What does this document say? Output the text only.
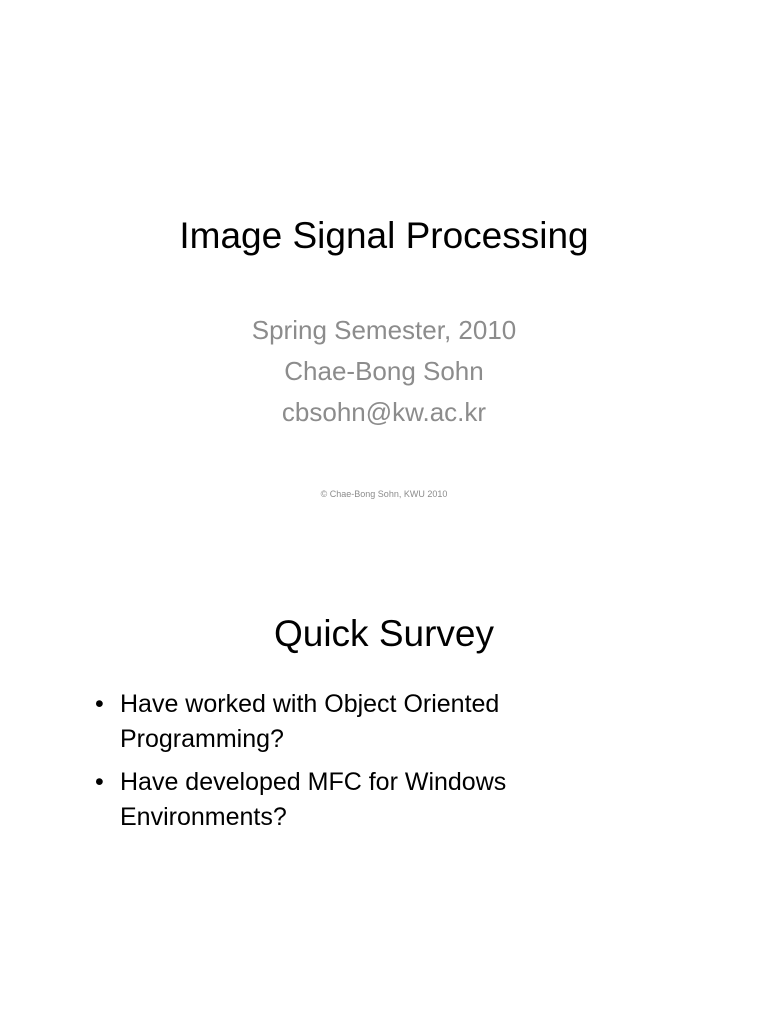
Image Signal Processing
Spring Semester, 2010
Chae-Bong Sohn
cbsohn@kw.ac.kr
© Chae-Bong Sohn, KWU 2010
Quick Survey
• Have worked with Object Oriented Programming?
• Have developed MFC for Windows Environments?
